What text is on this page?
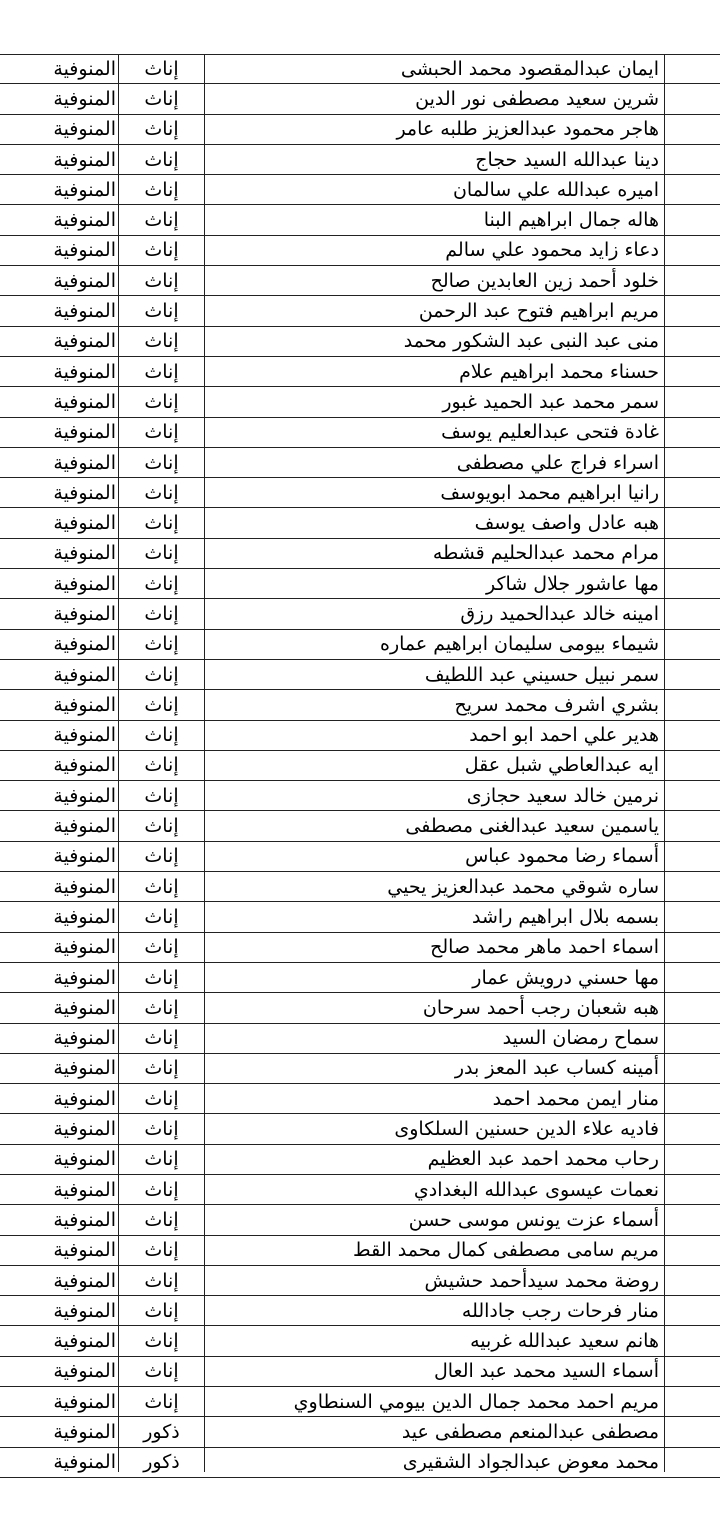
ايمان عبدالمقصود محمد الحبشى
إناث
المنوفية
شرين سعيد مصطفى نور الدين
إناث
المنوفية
هاجر محمود عبدالعزيز طلبه عامر
إناث
المنوفية
دينا عبدالله السيد حجاج
إناث
المنوفية
اميره عبدالله علي سالمان
إناث
المنوفية
هاله جمال ابراهيم البنا
إناث
المنوفية
دعاء زايد محمود علي سالم
إناث
المنوفية
خلود أحمد زين العابدين صالح
إناث
المنوفية
مريم ابراهيم فتوح عبد الرحمن
إناث
المنوفية
منى عبد النبى عبد الشكور محمد
إناث
المنوفية
حسناء محمد ابراهيم علام
إناث
المنوفية
سمر محمد عبد الحميد غبور
إناث
المنوفية
غادة فتحى عبدالعليم يوسف
إناث
المنوفية
اسراء فراج علي مصطفى
إناث
المنوفية
رانيا ابراهيم محمد ابويوسف
إناث
المنوفية
هبه عادل واصف يوسف
إناث
المنوفية
مرام محمد عبدالحليم قشطه
إناث
المنوفية
مها عاشور جلال شاكر
إناث
المنوفية
امينه خالد عبدالحميد رزق
إناث
المنوفية
شيماء بيومى سليمان ابراهيم عماره
إناث
المنوفية
سمر نبيل حسيني عبد اللطيف
إناث
المنوفية
بشري اشرف محمد سريح
إناث
المنوفية
هدير علي احمد ابو احمد
إناث
المنوفية
ايه عبدالعاطي شبل عقل
إناث
المنوفية
نرمين خالد سعيد حجازى
إناث
المنوفية
ياسمين سعيد عبدالغنى مصطفى
إناث
المنوفية
أسماء رضا محمود عباس
إناث
المنوفية
ساره شوقي محمد عبدالعزيز يحيي
إناث
المنوفية
بسمه بلال ابراهيم راشد
إناث
المنوفية
اسماء احمد ماهر محمد صالح
إناث
المنوفية
مها حسني درويش عمار
إناث
المنوفية
هبه شعبان رجب أحمد سرحان
إناث
المنوفية
سماح رمضان السيد
إناث
المنوفية
أمينه كساب عبد المعز بدر
إناث
المنوفية
منار ايمن محمد احمد
إناث
المنوفية
فاديه علاء الدين حسنين السلكاوى
إناث
المنوفية
رحاب محمد احمد عبد العظيم
إناث
المنوفية
نعمات عيسوى عبدالله البغدادي
إناث
المنوفية
أسماء عزت يونس موسى حسن
إناث
المنوفية
مريم سامى مصطفى كمال محمد القط
إناث
المنوفية
روضة محمد سيدأحمد حشيش
إناث
المنوفية
منار فرحات رجب جادالله
إناث
المنوفية
هانم سعيد عبدالله غربيه
إناث
المنوفية
أسماء السيد محمد عبد العال
إناث
المنوفية
مريم احمد محمد جمال الدين بيومي السنطاوي
إناث
المنوفية
مصطفى عبدالمنعم مصطفى عيد
ذكور
المنوفية
محمد معوض عبدالجواد الشقيرى
ذكور
المنوفية
